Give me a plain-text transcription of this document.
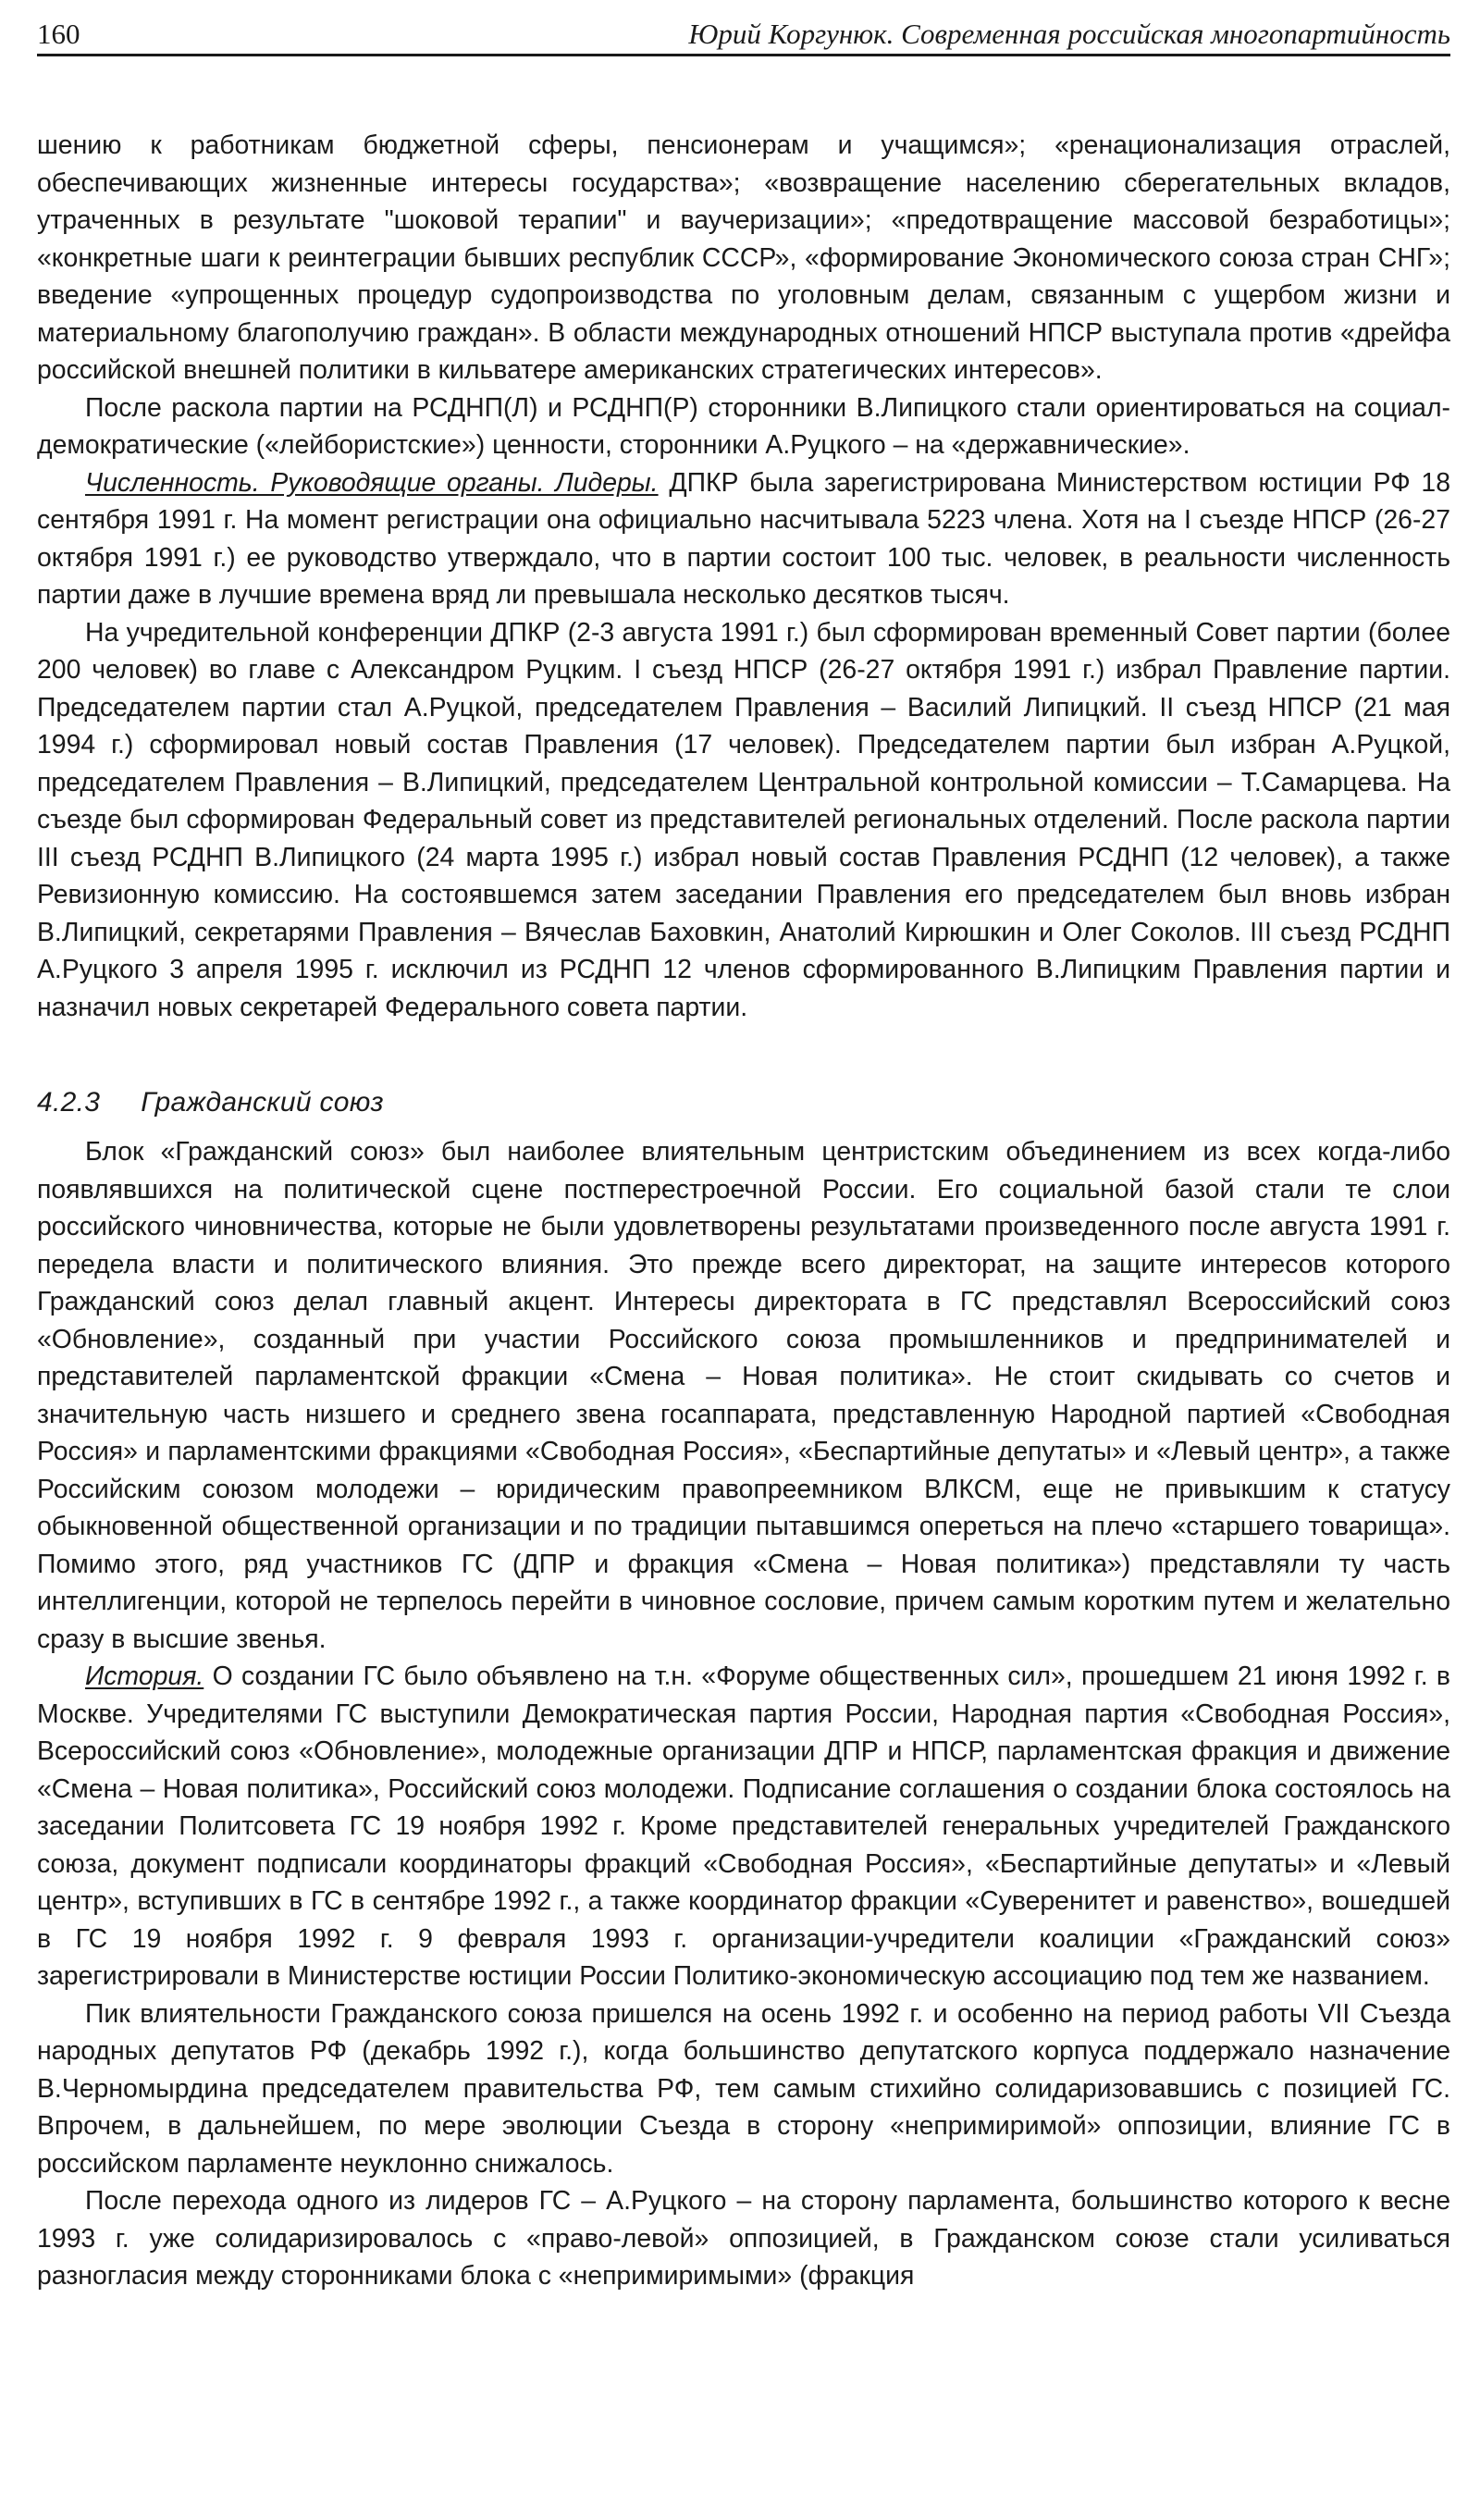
160	Юрий Коргунюк. Современная российская многопартийность

шению к работникам бюджетной сферы, пенсионерам и учащимся»; «ренационализация отраслей, обеспечивающих жизненные интересы государства»; «возвращение населению сберегательных вкладов, утраченных в результате "шоковой терапии" и ваучеризации»; «предотвращение массовой безработицы»; «конкретные шаги к реинтеграции бывших республик СССР», «формирование Экономического союза стран СНГ»; введение «упрощенных процедур судопроизводства по уголовным делам, связанным с ущербом жизни и материальному благополучию граждан». В области международных отношений НПСР выступала против «дрейфа российской внешней политики в кильватере американских стратегических интересов».

После раскола партии на РСДНП(Л) и РСДНП(Р) сторонники В.Липицкого стали ориентироваться на социал-демократические («лейбористские») ценности, сторонники А.Руцкого – на «державнические».

Численность. Руководящие органы. Лидеры. ДПКР была зарегистрирована Министерством юстиции РФ 18 сентября 1991 г. На момент регистрации она официально насчитывала 5223 члена. Хотя на I съезде НПСР (26-27 октября 1991 г.) ее руководство утверждало, что в партии состоит 100 тыс. человек, в реальности численность партии даже в лучшие времена вряд ли превышала несколько десятков тысяч.

На учредительной конференции ДПКР (2-3 августа 1991 г.) был сформирован временный Совет партии (более 200 человек) во главе с Александром Руцким. I съезд НПСР (26-27 октября 1991 г.) избрал Правление партии. Председателем партии стал А.Руцкой, председателем Правления – Василий Липицкий. II съезд НПСР (21 мая 1994 г.) сформировал новый состав Правления (17 человек). Председателем партии был избран А.Руцкой, председателем Правления – В.Липицкий, председателем Центральной контрольной комиссии – Т.Самарцева. На съезде был сформирован Федеральный совет из представителей региональных отделений. После раскола партии III съезд РСДНП В.Липицкого (24 марта 1995 г.) избрал новый состав Правления РСДНП (12 человек), а также Ревизионную комиссию. На состоявшемся затем заседании Правления его председателем был вновь избран В.Липицкий, секретарями Правления – Вячеслав Баховкин, Анатолий Кирюшкин и Олег Соколов. III съезд РСДНП А.Руцкого 3 апреля 1995 г. исключил из РСДНП 12 членов сформированного В.Липицким Правления партии и назначил новых секретарей Федерального совета партии.

4.2.3 Гражданский союз

Блок «Гражданский союз» был наиболее влиятельным центристским объединением из всех когда-либо появлявшихся на политической сцене постперестроечной России. Его социальной базой стали те слои российского чиновничества, которые не были удовлетворены результатами произведенного после августа 1991 г. передела власти и политического влияния. Это прежде всего директорат, на защите интересов которого Гражданский союз делал главный акцент. Интересы директората в ГС представлял Всероссийский союз «Обновление», созданный при участии Российского союза промышленников и предпринимателей и представителей парламентской фракции «Смена – Новая политика». Не стоит скидывать со счетов и значительную часть низшего и среднего звена госаппарата, представленную Народной партией «Свободная Россия» и парламентскими фракциями «Свободная Россия», «Беспартийные депутаты» и «Левый центр», а также Российским союзом молодежи – юридическим правопреемником ВЛКСМ, еще не привыкшим к статусу обыкновенной общественной организации и по традиции пытавшимся опереться на плечо «старшего товарища». Помимо этого, ряд участников ГС (ДПР и фракция «Смена – Новая политика») представляли ту часть интеллигенции, которой не терпелось перейти в чиновное сословие, причем самым коротким путем и желательно сразу в высшие звенья.

История. О создании ГС было объявлено на т.н. «Форуме общественных сил», прошедшем 21 июня 1992 г. в Москве. Учредителями ГС выступили Демократическая партия России, Народная партия «Свободная Россия», Всероссийский союз «Обновление», молодежные организации ДПР и НПСР, парламентская фракция и движение «Смена – Новая политика», Российский союз молодежи. Подписание соглашения о создании блока состоялось на заседании Политсовета ГС 19 ноября 1992 г. Кроме представителей генеральных учредителей Гражданского союза, документ подписали координаторы фракций «Свободная Россия», «Беспартийные депутаты» и «Левый центр», вступивших в ГС в сентябре 1992 г., а также координатор фракции «Суверенитет и равенство», вошедшей в ГС 19 ноября 1992 г. 9 февраля 1993 г. организации-учредители коалиции «Гражданский союз» зарегистрировали в Министерстве юстиции России Политико-экономическую ассоциацию под тем же названием.

Пик влиятельности Гражданского союза пришелся на осень 1992 г. и особенно на период работы VII Съезда народных депутатов РФ (декабрь 1992 г.), когда большинство депутатского корпуса поддержало назначение В.Черномырдина председателем правительства РФ, тем самым стихийно солидаризовавшись с позицией ГС. Впрочем, в дальнейшем, по мере эволюции Съезда в сторону «непримиримой» оппозиции, влияние ГС в российском парламенте неуклонно снижалось.

После перехода одного из лидеров ГС – А.Руцкого – на сторону парламента, большинство которого к весне 1993 г. уже солидаризировалось с «право-левой» оппозицией, в Гражданском союзе стали усиливаться разногласия между сторонниками блока с «непримиримыми» (фракция
